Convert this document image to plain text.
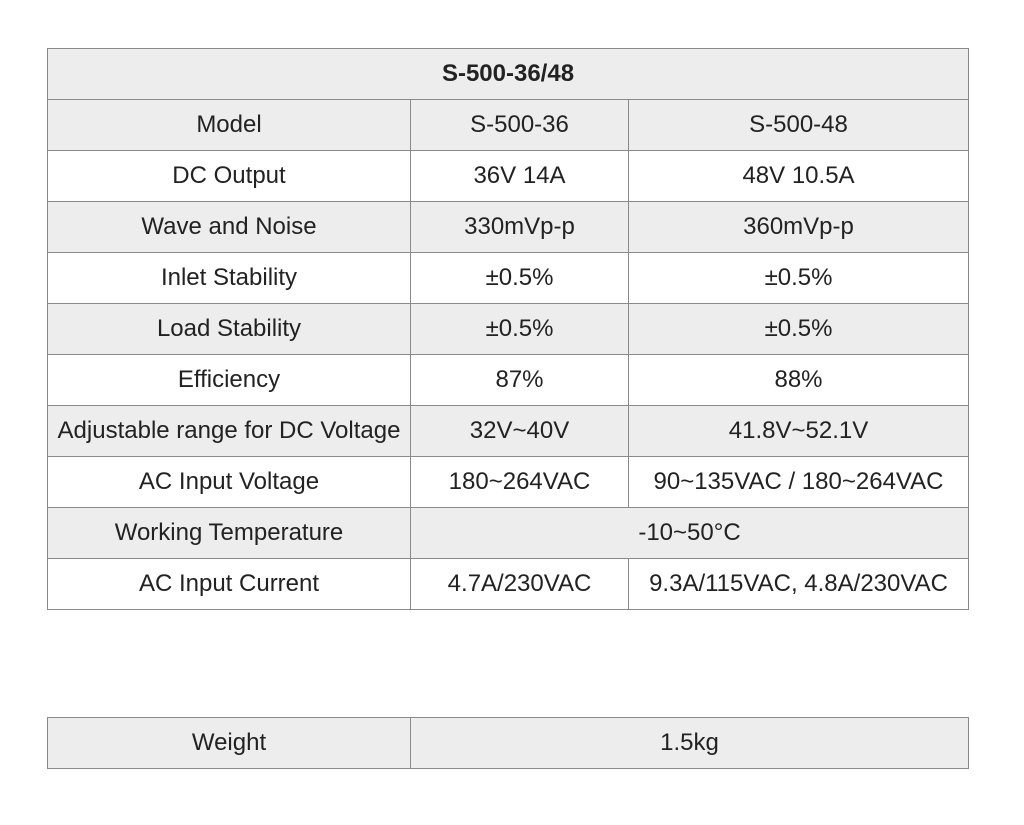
S-500-36/48		
Model	S-500-36	S-500-48
DC Output	36V 14A	48V 10.5A
Wave and Noise	330mVp-p	360mVp-p
Inlet Stability	±0.5%	±0.5%
Load Stability	±0.5%	±0.5%
Efficiency	87%	88%
Adjustable range for DC Voltage	32V~40V	41.8V~52.1V
AC Input Voltage	180~264VAC	90~135VAC / 180~264VAC
Working Temperature	-10~50°C	
AC Input Current	4.7A/230VAC	9.3A/115VAC, 4.8A/230VAC
Weight	1.5kg
